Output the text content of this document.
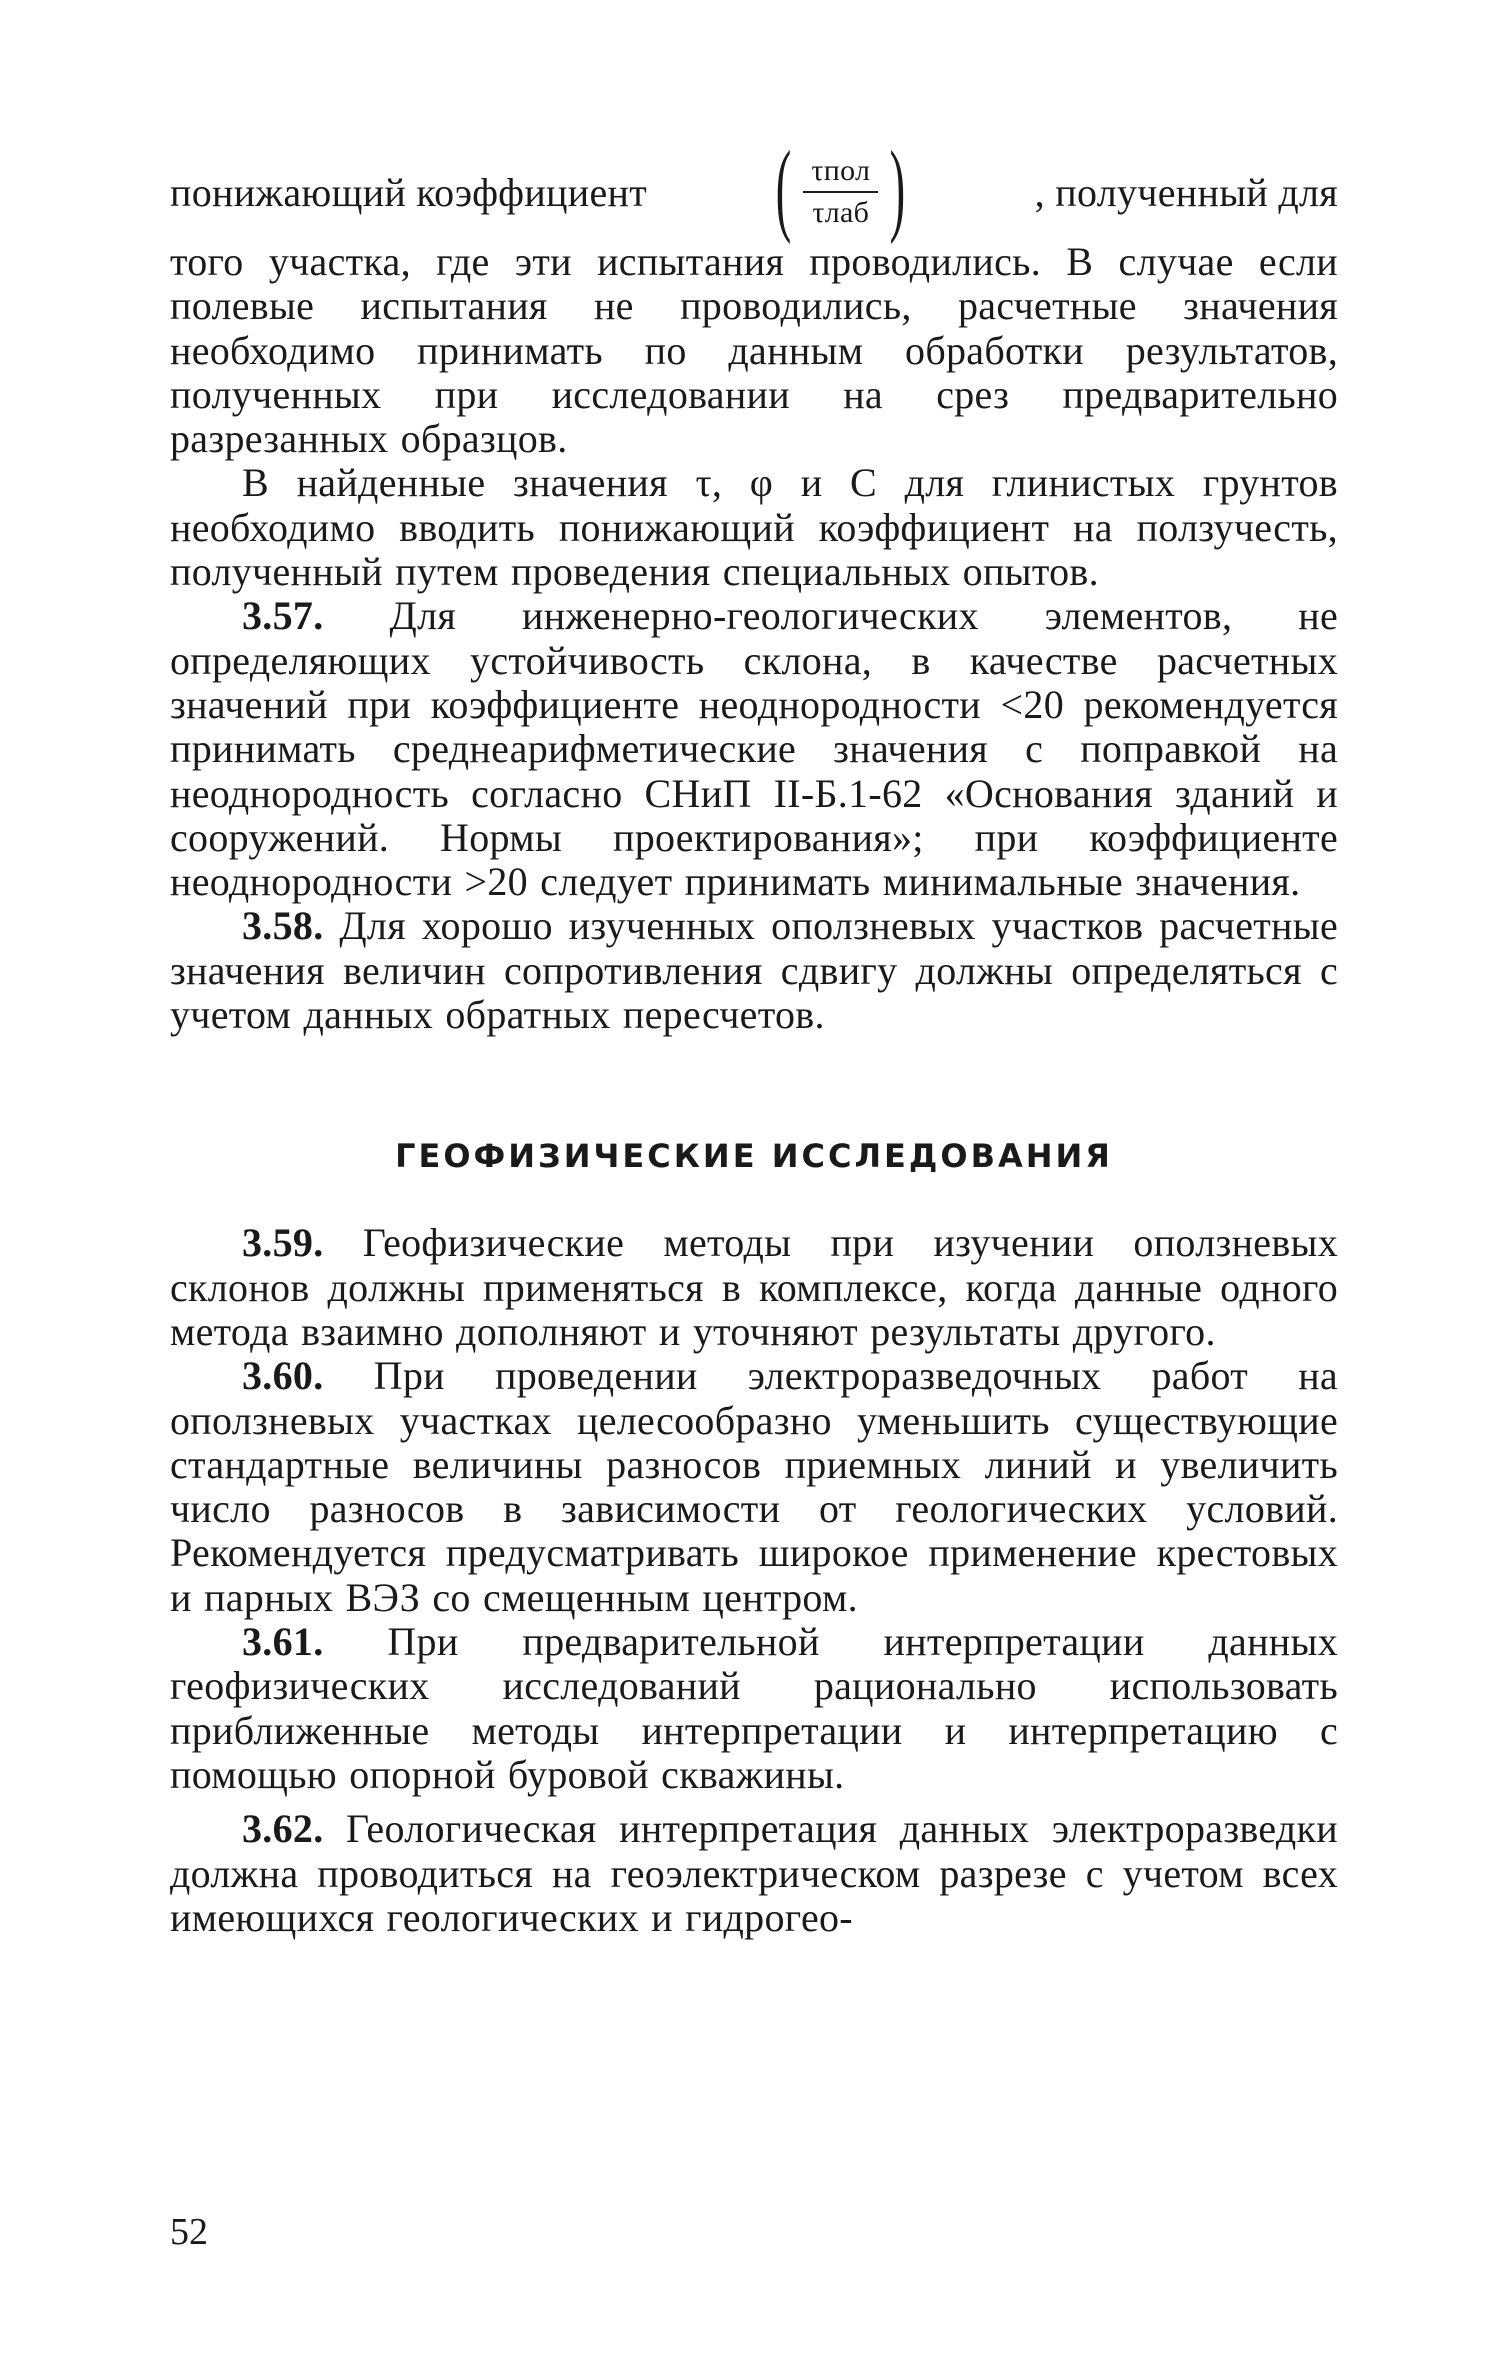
понижающий коэффициент ( $\frac{\text{τпол}}{\text{τлаб}}$ )	, полученный для

того участка, где эти испытания проводились. В случае если полевые испытания не проводились, расчетные значения необходимо принимать по данным обработки результатов, полученных при исследовании на срез предварительно разрезанных образцов.

В найденные значения τ, φ и C для глинистых грунтов необходимо вводить понижающий коэффициент на ползучесть, полученный путем проведения специальных опытов.

3.57. Для инженерно-геологических элементов, не определяющих устойчивость склона, в качестве расчетных значений при коэффициенте неоднородности <20 рекомендуется принимать среднеарифметические значения с поправкой на неоднородность согласно СНиП II-Б.1-62 «Основания зданий и сооружений. Нормы проектирования»; при коэффициенте неоднородности >20 следует принимать минимальные значения.

3.58. Для хорошо изученных оползневых участков расчетные значения величин сопротивления сдвигу должны определяться с учетом данных обратных пересчетов.

ГЕОФИЗИЧЕСКИЕ ИССЛЕДОВАНИЯ

3.59. Геофизические методы при изучении оползневых склонов должны применяться в комплексе, когда данные одного метода взаимно дополняют и уточняют результаты другого.

3.60. При проведении электроразведочных работ на оползневых участках целесообразно уменьшить существующие стандартные величины разносов приемных линий и увеличить число разносов в зависимости от геологических условий. Рекомендуется предусматривать широкое применение крестовых и парных ВЭЗ со смещенным центром.

3.61. При предварительной интерпретации данных геофизических исследований рационально использовать приближенные методы интерпретации и интерпретацию с помощью опорной буровой скважины.

3.62. Геологическая интерпретация данных электроразведки должна проводиться на геоэлектрическом разрезе с учетом всех имеющихся геологических и гидрогео-

52
